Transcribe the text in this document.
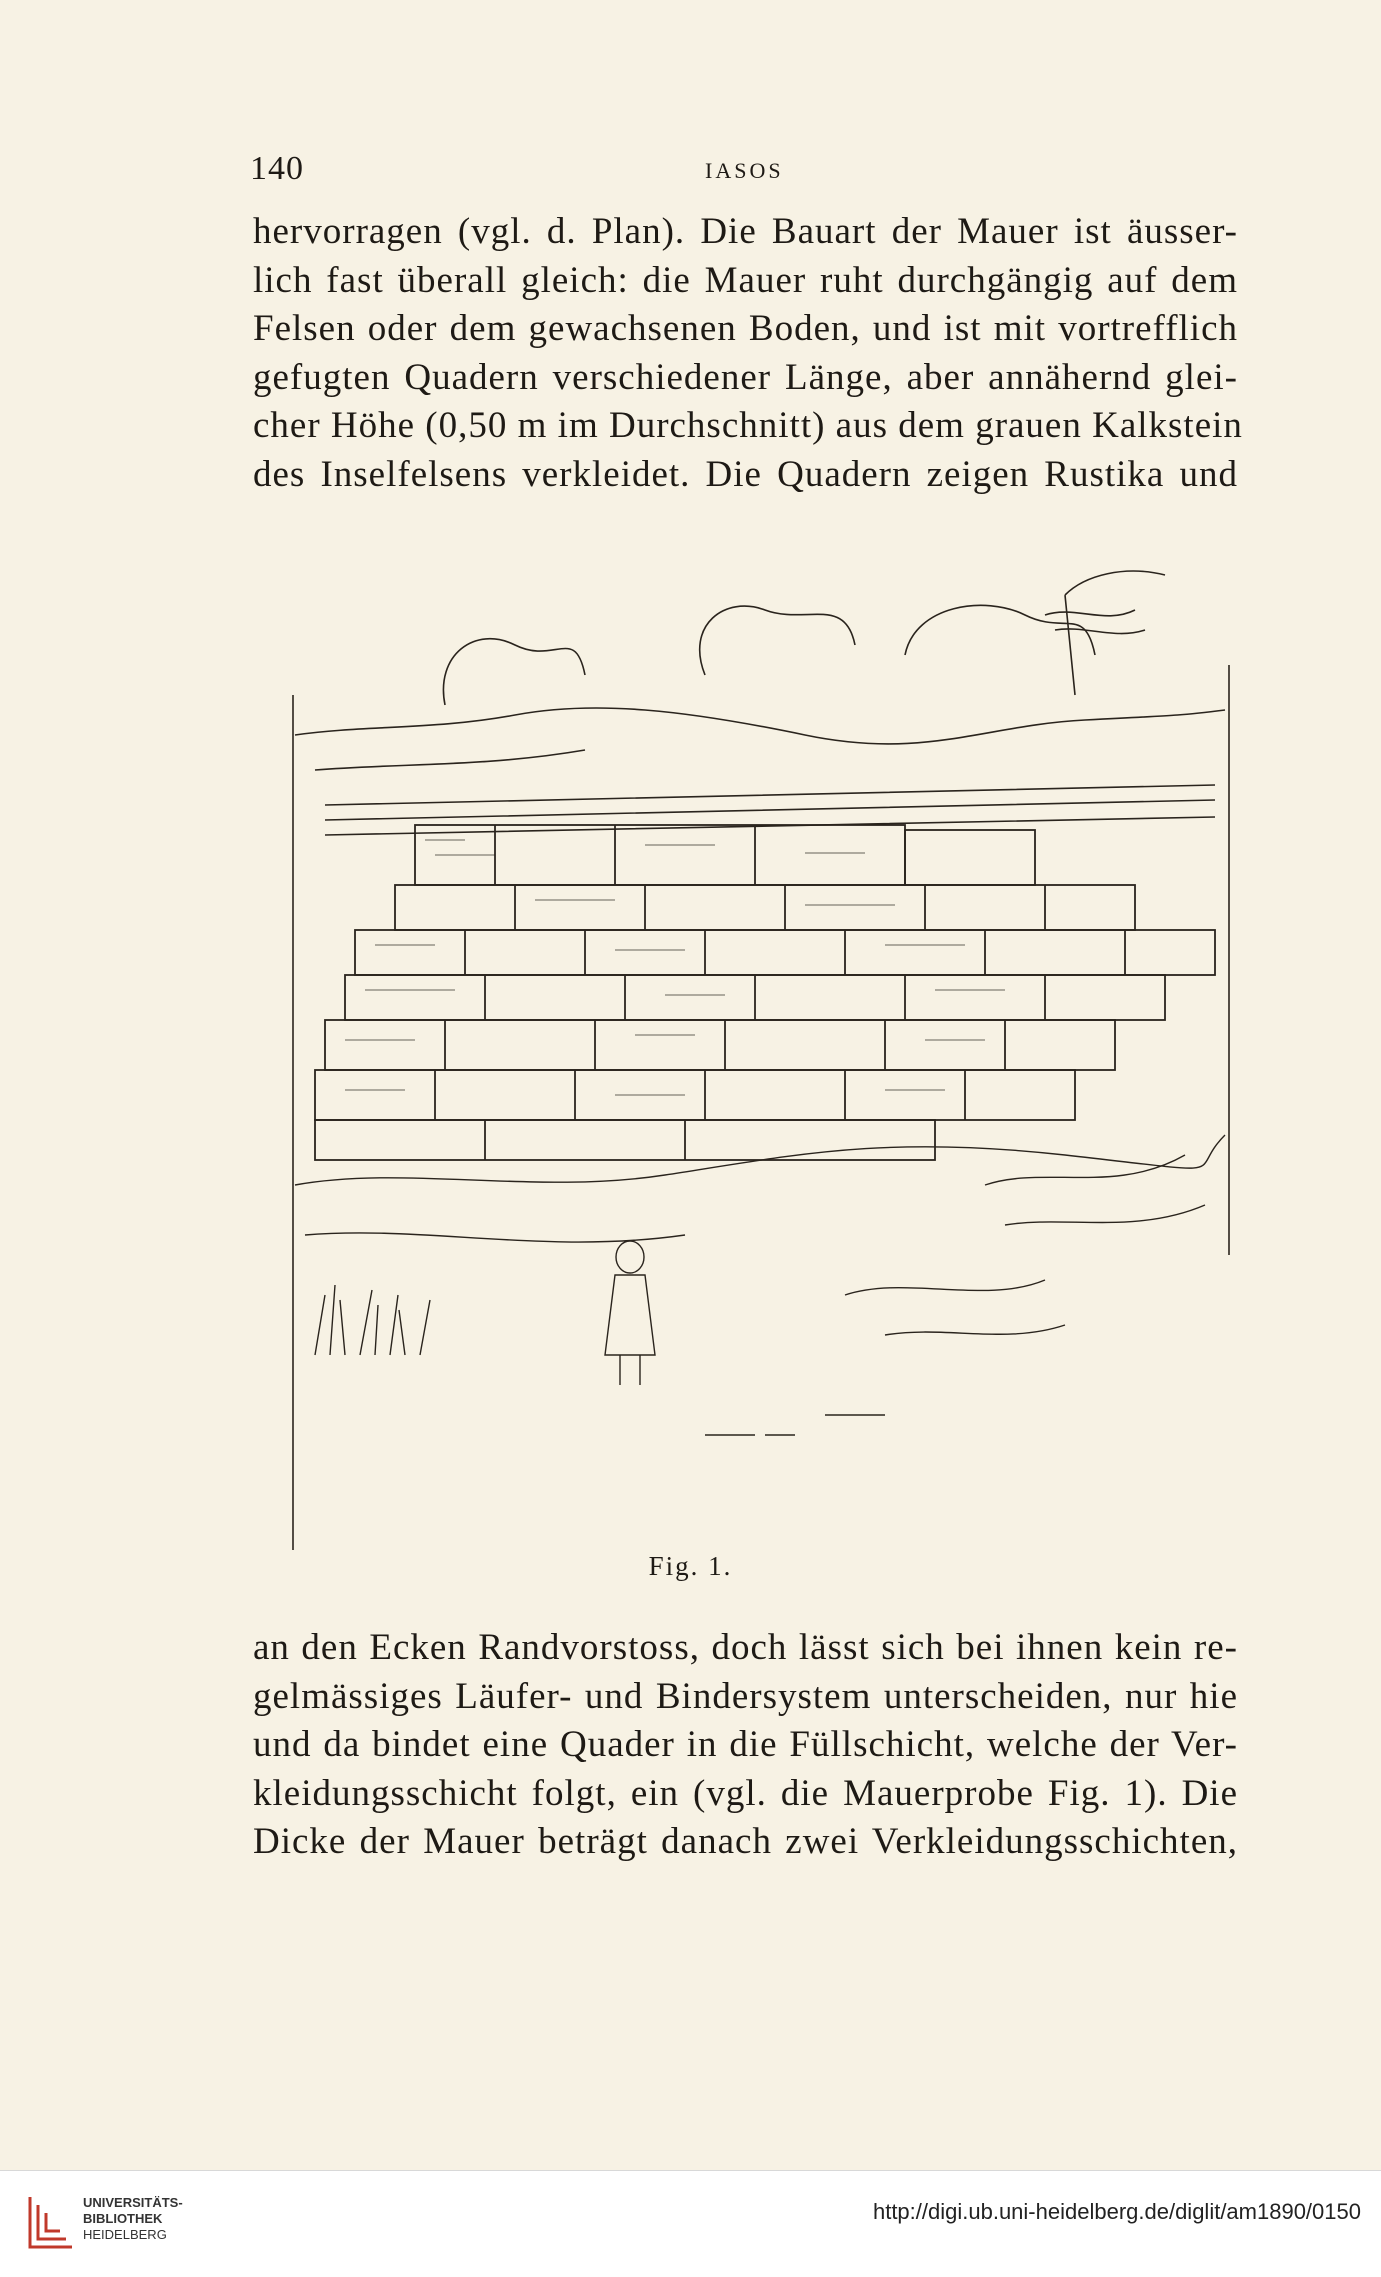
140	IASOS
hervorragen (vgl. d. Plan). Die Bauart der Mauer ist äusser-
lich fast überall gleich: die Mauer ruht durchgängig auf dem
Felsen oder dem gewachsenen Boden, und ist mit vortrefflich
gefugten Quadern verschiedener Länge, aber annähernd glei-
cher Höhe (0,50 m im Durchschnitt) aus dem grauen Kalkstein
des Inselfelsens verkleidet. Die Quadern zeigen Rustika und
Fig. 1.
an den Ecken Randvorstoss, doch lässt sich bei ihnen kein re-
gelmässiges Läufer- und Bindersystem unterscheiden, nur hie
und da bindet eine Quader in die Füllschicht, welche der Ver-
kleidungsschicht folgt, ein (vgl. die Mauerprobe Fig. 1). Die
Dicke der Mauer beträgt danach zwei Verkleidungsschichten,
UNIVERSITÄTS-
BIBLIOTHEK
HEIDELBERG
http://digi.ub.uni-heidelberg.de/diglit/am1890/0150
